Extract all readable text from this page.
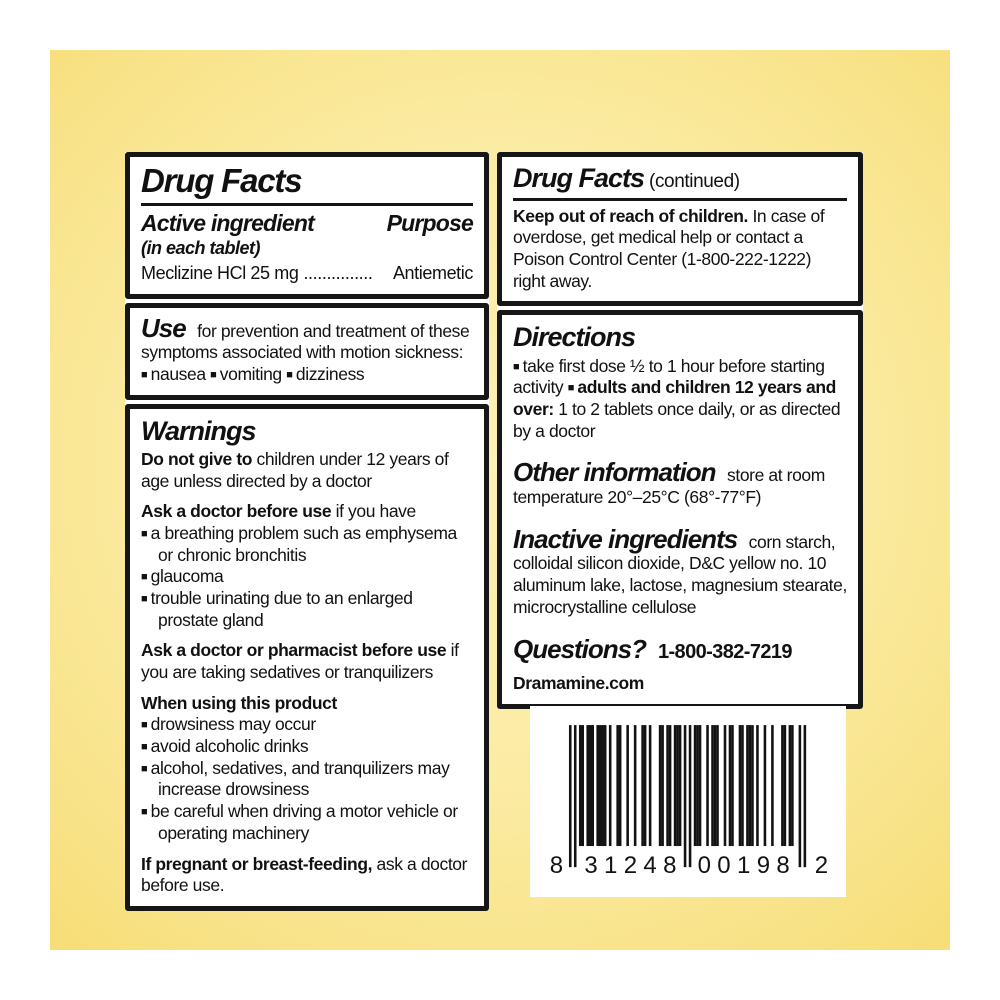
Drug Facts
Active ingredient	Purpose
(in each tablet)
Meclizine HCl 25 mg ...............	Antiemetic
Use for prevention and treatment of these symptoms associated with motion sickness: ■ nausea ■ vomiting ■ dizziness
Warnings
Do not give to children under 12 years of age unless directed by a doctor
Ask a doctor before use if you have
■ a breathing problem such as emphysema or chronic bronchitis
■ glaucoma
■ trouble urinating due to an enlarged prostate gland
Ask a doctor or pharmacist before use if you are taking sedatives or tranquilizers
When using this product
■ drowsiness may occur
■ avoid alcoholic drinks
■ alcohol, sedatives, and tranquilizers may increase drowsiness
■ be careful when driving a motor vehicle or operating machinery
If pregnant or breast-feeding, ask a doctor before use.
Drug Facts (continued)
Keep out of reach of children. In case of overdose, get medical help or contact a Poison Control Center (1-800-222-1222) right away.
Directions
■ take first dose ½ to 1 hour before starting activity ■ adults and children 12 years and over: 1 to 2 tablets once daily, or as directed by a doctor
Other information store at room temperature 20°–25°C (68°-77°F)
Inactive ingredients corn starch, colloidal silicon dioxide, D&C yellow no. 10 aluminum lake, lactose, magnesium stearate, microcrystalline cellulose
Questions? 1-800-382-7219
Dramamine.com
8 31248 00198 2
